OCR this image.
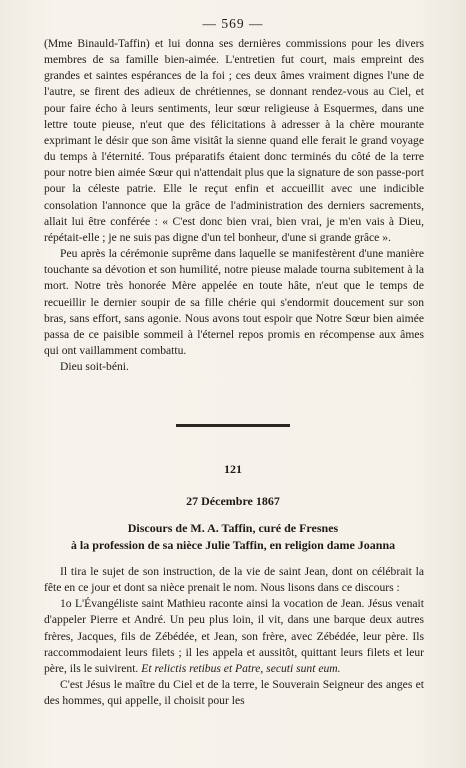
— 569 —

(Mme Binauld-Taffin) et lui donna ses dernières commissions pour les divers membres de sa famille bien-aimée. L'entretien fut court, mais empreint des grandes et saintes espérances de la foi ; ces deux âmes vraiment dignes l'une de l'autre, se firent des adieux de chrétiennes, se donnant rendez-vous au Ciel, et pour faire écho à leurs sentiments, leur sœur religieuse à Esquermes, dans une lettre toute pieuse, n'eut que des félicitations à adresser à la chère mourante exprimant le désir que son âme visitât la sienne quand elle ferait le grand voyage du temps à l'éternité. Tous préparatifs étaient donc terminés du côté de la terre pour notre bien aimée Sœur qui n'attendait plus que la signature de son passe-port pour la céleste patrie. Elle le reçut enfin et accueillit avec une indicible consolation l'annonce que la grâce de l'administration des derniers sacrements, allait lui être conférée : « C'est donc bien vrai, bien vrai, je m'en vais à Dieu, répétait-elle ; je ne suis pas digne d'un tel bonheur, d'une si grande grâce ».

Peu après la cérémonie suprême dans laquelle se manifestèrent d'une manière touchante sa dévotion et son humilité, notre pieuse malade tourna subitement à la mort. Notre très honorée Mère appelée en toute hâte, n'eut que le temps de recueillir le dernier soupir de sa fille chérie qui s'endormit doucement sur son bras, sans effort, sans agonie. Nous avons tout espoir que Notre Sœur bien aimée passa de ce paisible sommeil à l'éternel repos promis en récompense aux âmes qui ont vaillamment combattu.

Dieu soit-béni.

121
27 Décembre 1867
Discours de M. A. Taffin, curé de Fresnes
à la profession de sa nièce Julie Taffin, en religion dame Joanna

Il tira le sujet de son instruction, de la vie de saint Jean, dont on célébrait la fête en ce jour et dont sa nièce prenait le nom. Nous lisons dans ce discours :

1o L'Évangéliste saint Mathieu raconte ainsi la vocation de Jean. Jésus venait d'appeler Pierre et André. Un peu plus loin, il vit, dans une barque deux autres frères, Jacques, fils de Zébédée, et Jean, son frère, avec Zébédée, leur père. Ils raccommodaient leurs filets ; il les appela et aussitôt, quittant leurs filets et leur père, ils le suivirent. Et relictis retibus et Patre, secuti sunt eum.

C'est Jésus le maître du Ciel et de la terre, le Souverain Seigneur des anges et des hommes, qui appelle, il choisit pour les
